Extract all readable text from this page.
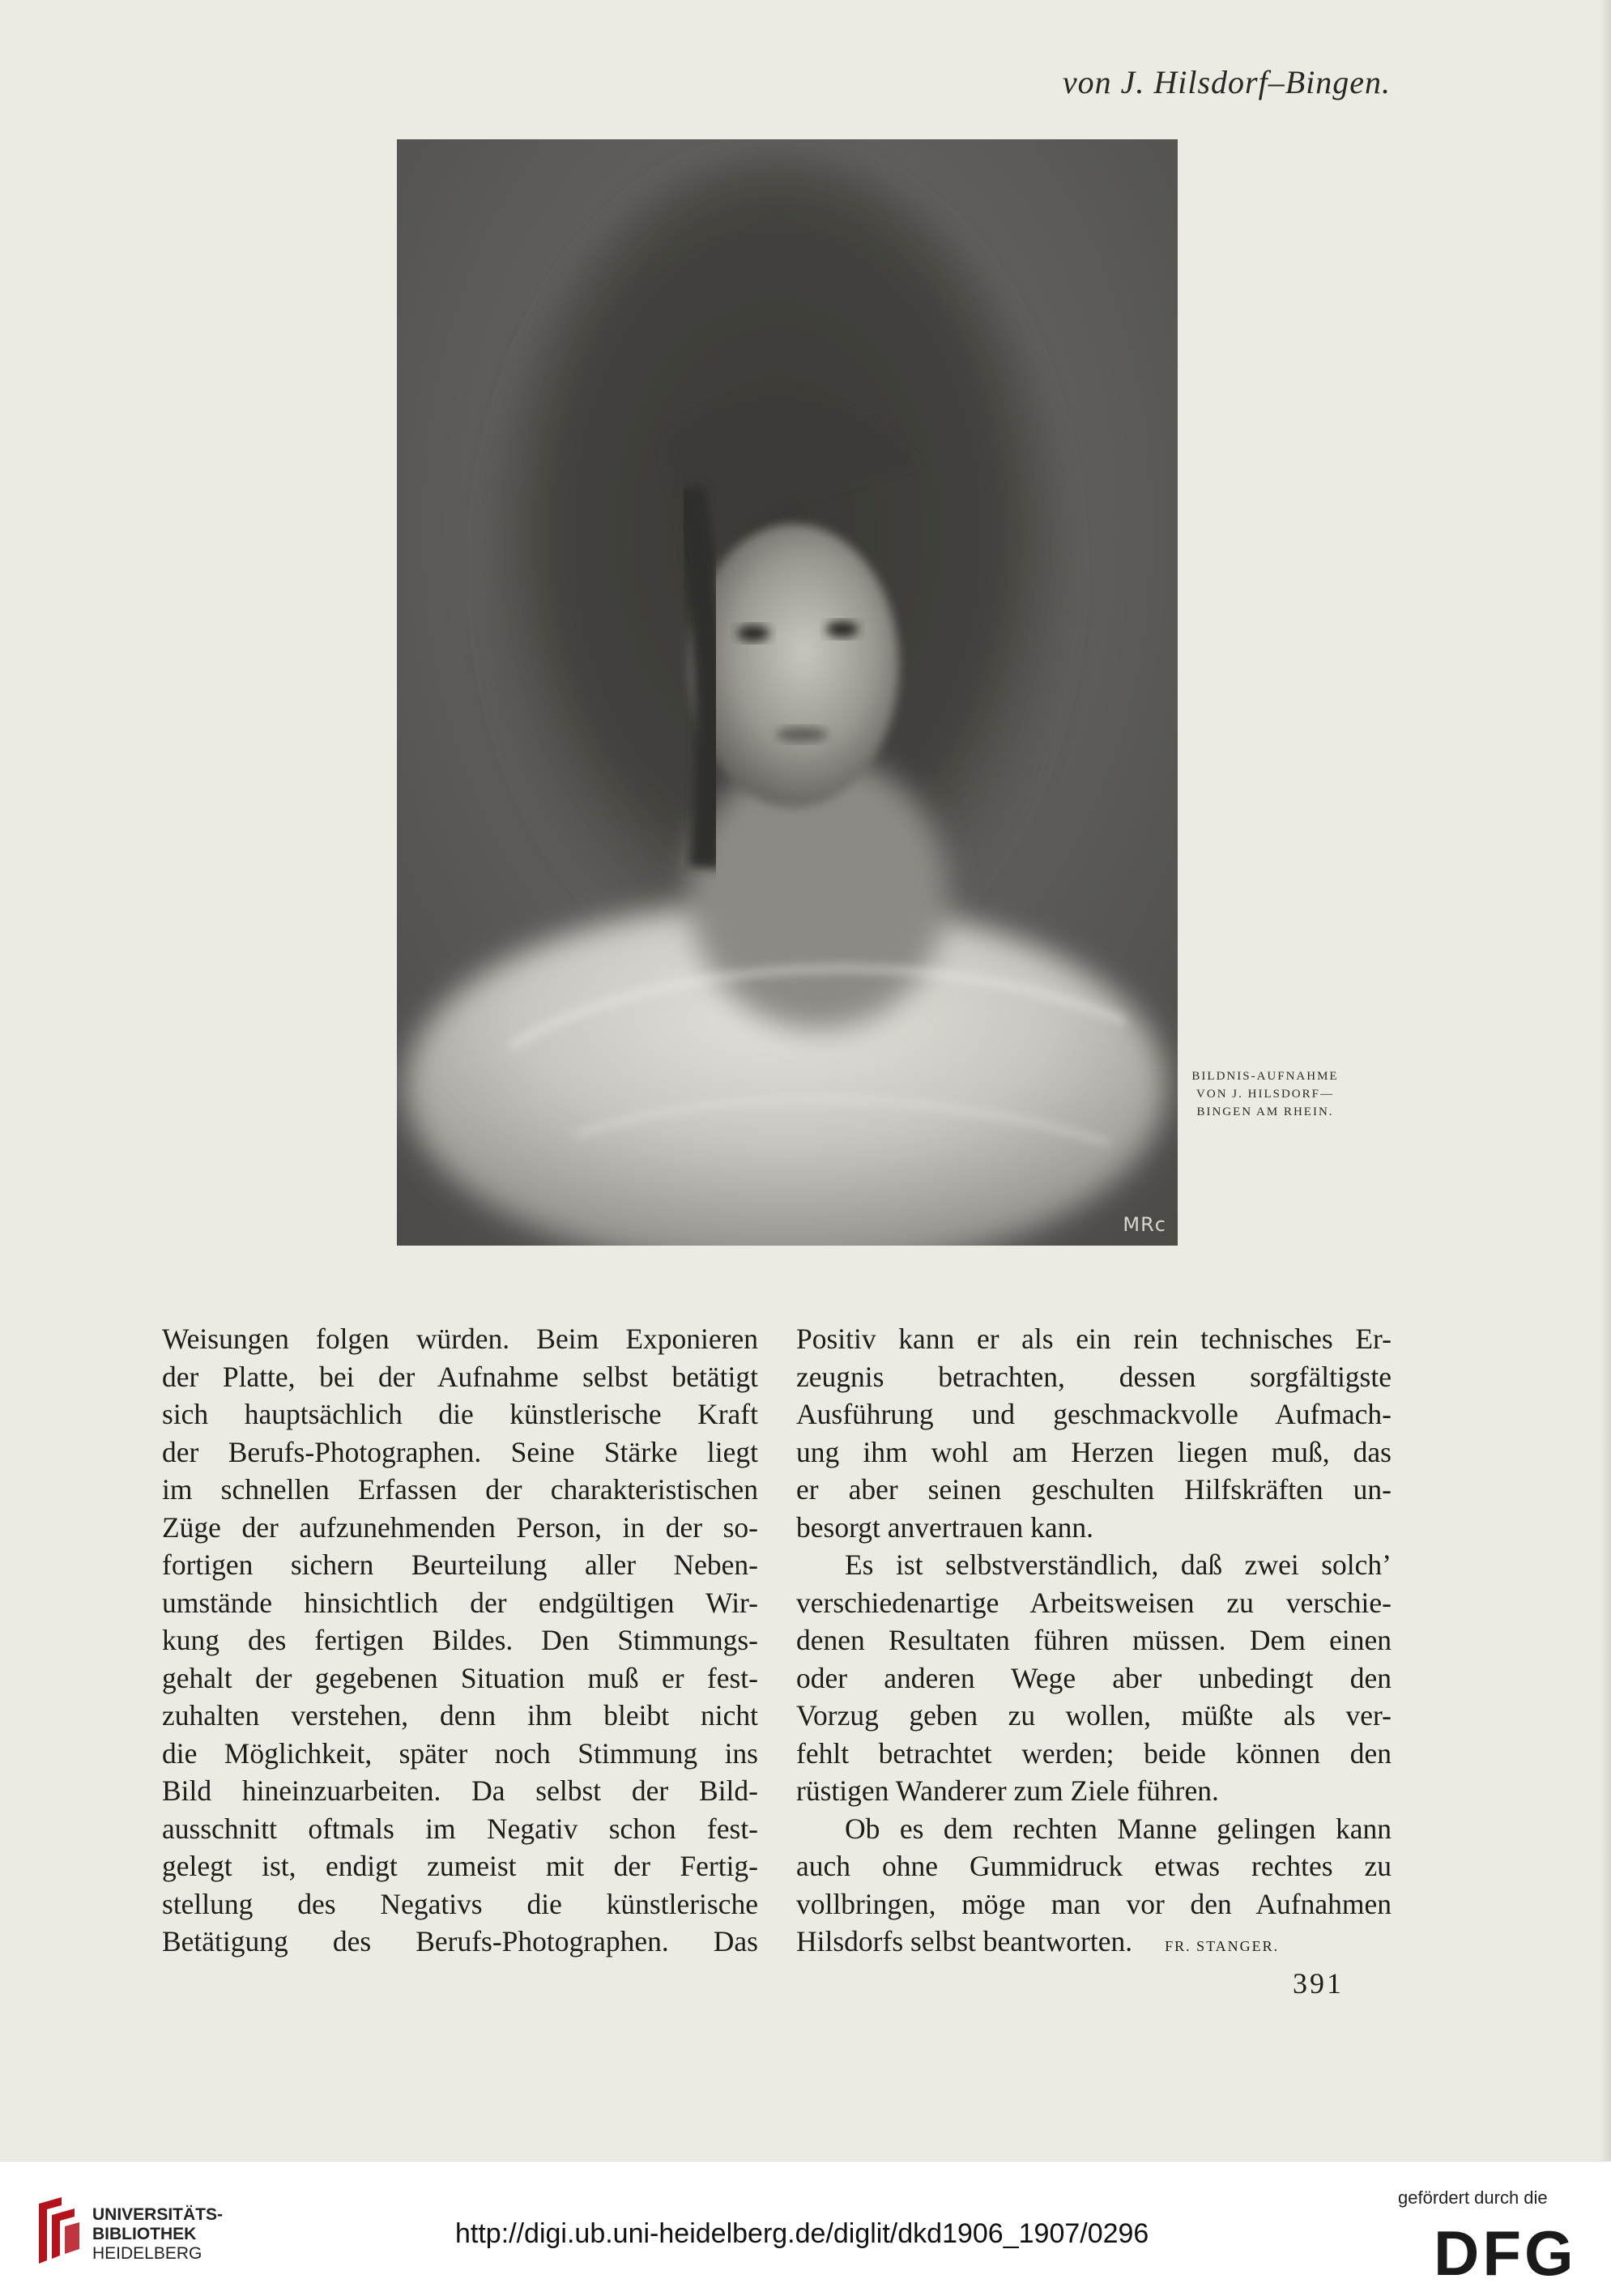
von J. Hilsdorf–Bingen.
MRc
BILDNIS-AUFNAHME
VON J. HILSDORF—
BINGEN AM RHEIN.
Weisungen folgen würden. Beim Exponieren
der Platte, bei der Aufnahme selbst betätigt
sich hauptsächlich die künstlerische Kraft
der Berufs-Photographen. Seine Stärke liegt
im schnellen Erfassen der charakteristischen
Züge der aufzunehmenden Person, in der so-
fortigen sichern Beurteilung aller Neben-
umstände hinsichtlich der endgültigen Wir-
kung des fertigen Bildes. Den Stimmungs-
gehalt der gegebenen Situation muß er fest-
zuhalten verstehen, denn ihm bleibt nicht
die Möglichkeit, später noch Stimmung ins
Bild hineinzuarbeiten. Da selbst der Bild-
ausschnitt oftmals im Negativ schon fest-
gelegt ist, endigt zumeist mit der Fertig-
stellung des Negativs die künstlerische
Betätigung des Berufs-Photographen. Das
Positiv kann er als ein rein technisches Er-
zeugnis betrachten, dessen sorgfältigste
Ausführung und geschmackvolle Aufmach-
ung ihm wohl am Herzen liegen muß, das
er aber seinen geschulten Hilfskräften un-
besorgt anvertrauen kann.
Es ist selbstverständlich, daß zwei solch’
verschiedenartige Arbeitsweisen zu verschie-
denen Resultaten führen müssen. Dem einen
oder anderen Wege aber unbedingt den
Vorzug geben zu wollen, müßte als ver-
fehlt betrachtet werden; beide können den
rüstigen Wanderer zum Ziele führen.
Ob es dem rechten Manne gelingen kann
auch ohne Gummidruck etwas rechtes zu
vollbringen, möge man vor den Aufnahmen
Hilsdorfs selbst beantworten. FR. STANGER.
391
UNIVERSITÄTS-
BIBLIOTHEK
HEIDELBERG
http://digi.ub.uni-heidelberg.de/diglit/dkd1906_1907/0296
gefördert durch die
DFG
